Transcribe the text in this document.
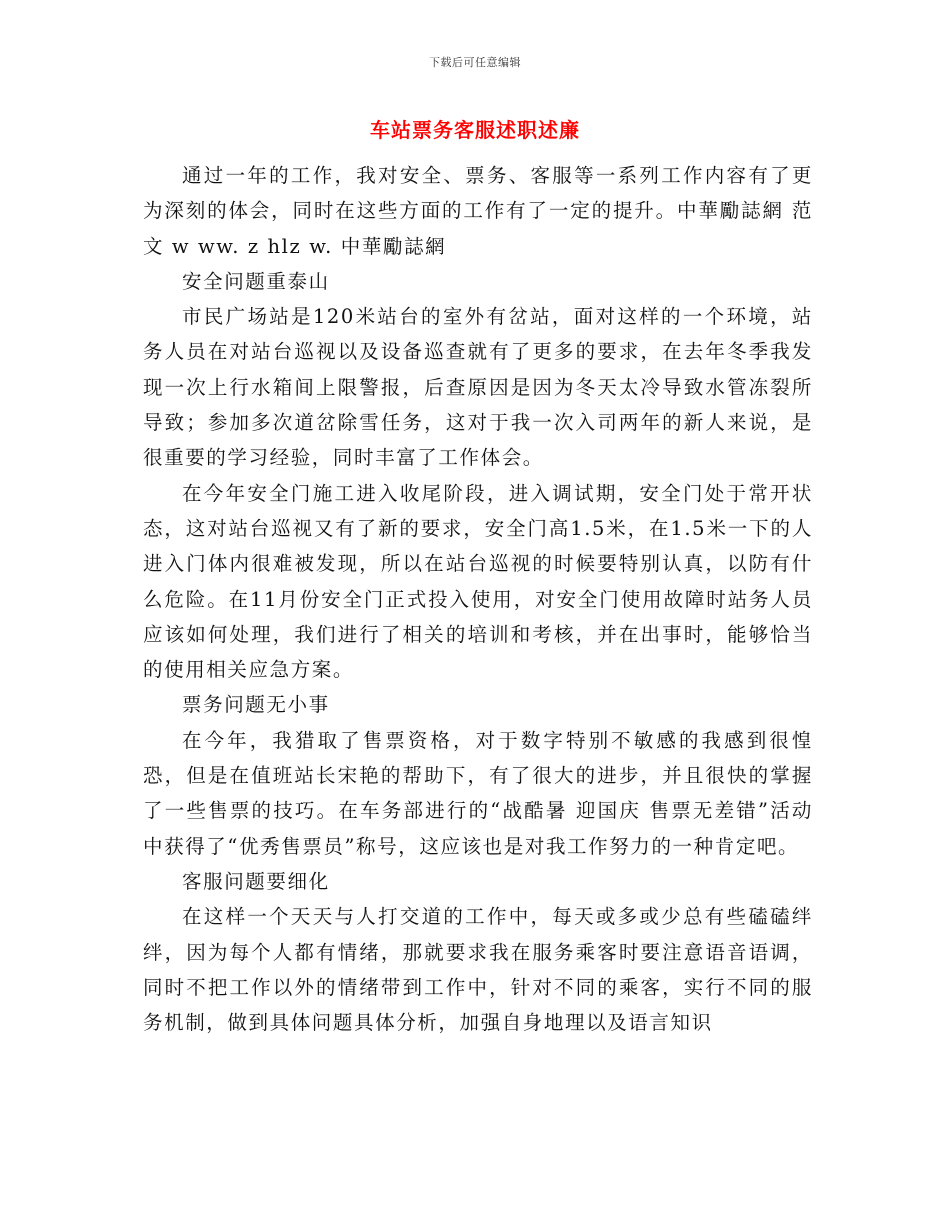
下载后可任意编辑
车站票务客服述职述廉

通过一年的工作，我对安全、票务、客服等一系列工作内容有了更为深刻的体会，同时在这些方面的工作有了一定的提升。中華勵誌網 范文 w ww. z hlz w. 中華勵誌網

安全问题重泰山

市民广场站是120米站台的室外有岔站，面对这样的一个环境，站务人员在对站台巡视以及设备巡查就有了更多的要求，在去年冬季我发现一次上行水箱间上限警报，后查原因是因为冬天太冷导致水管冻裂所导致；参加多次道岔除雪任务，这对于我一次入司两年的新人来说，是很重要的学习经验，同时丰富了工作体会。

在今年安全门施工进入收尾阶段，进入调试期，安全门处于常开状态，这对站台巡视又有了新的要求，安全门高1.5米，在1.5米一下的人进入门体内很难被发现，所以在站台巡视的时候要特别认真，以防有什么危险。在11月份安全门正式投入使用，对安全门使用故障时站务人员应该如何处理，我们进行了相关的培训和考核，并在出事时，能够恰当的使用相关应急方案。

票务问题无小事

在今年，我猎取了售票资格，对于数字特别不敏感的我感到很惶恐，但是在值班站长宋艳的帮助下，有了很大的进步，并且很快的掌握了一些售票的技巧。在车务部进行的“战酷暑 迎国庆 售票无差错”活动中获得了“优秀售票员”称号，这应该也是对我工作努力的一种肯定吧。

客服问题要细化

在这样一个天天与人打交道的工作中，每天或多或少总有些磕磕绊绊，因为每个人都有情绪，那就要求我在服务乘客时要注意语音语调，同时不把工作以外的情绪带到工作中，针对不同的乘客，实行不同的服务机制，做到具体问题具体分析，加强自身地理以及语言知识
